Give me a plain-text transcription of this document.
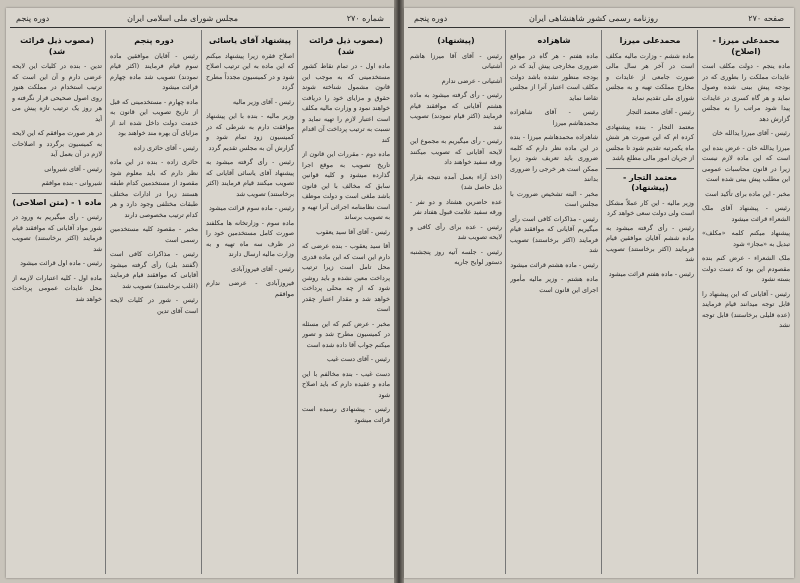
شماره ۲۷۰
مجلس شورای ملی اسلامی ایران
دوره پنجم
(مصوب ذیل قرائت شد)
ماده اول - در تمام نقاط کشور مستخدمینی که به موجب این قانون مشمول شناخته شوند حقوق و مزایای خود را دریافت خواهند نمود و وزارت مالیه مکلف است اعتبار لازم را تهیه نماید و نسبت به ترتیب پرداخت آن اقدام کند
ماده دوم - مقررات این قانون از تاریخ تصویب به موقع اجرا گذارده میشود و کلیه قوانین سابق که مخالف با این قانون باشد ملغی است و دولت موظف است نظامنامه اجرائی آنرا تهیه و به تصویب برساند
رئیس - آقای آقا سید یعقوب
آقا سید یعقوب - بنده عرضی که دارم این است که این ماده قدری محل تامل است زیرا ترتیب پرداخت معین نشده و باید روشن شود که از چه محلی پرداخت خواهد شد و مقدار اعتبار چقدر است
مخبر - عرض کنم که این مسئله در کمیسیون مطرح شد و تصور میکنم جواب آقا داده شده است
رئیس - آقای دست غیب
دست غیب - بنده مخالفم با این ماده و عقیده دارم که باید اصلاح شود
رئیس - پیشنهادی رسیده است قرائت میشود
پیشنهاد آقای یاسائی
اصلاح فقره زیرا پیشنهاد میکنم که این ماده به این ترتیب اصلاح شود و در کمیسیون مجدداً مطرح گردد
رئیس - آقای وزیر مالیه
وزیر مالیه - بنده با این پیشنهاد موافقت دارم به شرطی که در کمیسیون زود تمام شود و گزارش آن به مجلس تقدیم گردد
رئیس - رأی گرفته میشود به پیشنهاد آقای یاسائی آقایانی که تصویب میکنند قیام فرمایند (اکثر برخاستند) تصویب شد
رئیس - ماده سوم قرائت میشود
ماده سوم - وزارتخانه ها مکلفند صورت کامل مستخدمین خود را در ظرف سه ماه تهیه و به وزارت مالیه ارسال دارند
رئیس - آقای فیروزآبادی
فیروزآبادی - عرضی ندارم موافقم
دوره پنجم
رئیس - آقایان موافقین ماده سوم قیام فرمایند (اکثر قیام نمودند) تصویب شد ماده چهارم قرائت میشود
ماده چهارم - مستخدمینی که قبل از تاریخ تصویب این قانون به خدمت دولت داخل شده اند از مزایای آن بهره مند خواهند بود
رئیس - آقای حائری زاده
حائری زاده - بنده در این ماده نظر دارم که باید معلوم شود مقصود از مستخدمین کدام طبقه هستند زیرا در ادارات مختلف طبقات مختلفی وجود دارد و هر کدام ترتیب مخصوصی دارند
مخبر - مقصود کلیه مستخدمین رسمی است
رئیس - مذاکرات کافی است (گفتند بلی) رأی گرفته میشود آقایانی که موافقند قیام فرمایند (اغلب برخاستند) تصویب شد
رئیس - شور در کلیات لایحه است آقای تدین
(مصوب ذیل قرائت شد)
تدین - بنده در کلیات این لایحه عرضی دارم و آن این است که ترتیب استخدام در مملکت هنوز روی اصول صحیحی قرار نگرفته و هر روز یک ترتیب تازه پیش می آید
در هر صورت موافقم که این لایحه به کمیسیون برگردد و اصلاحات لازم در آن بعمل آید
رئیس - آقای شیروانی
شیروانی - بنده موافقم
ماده ۱ - (متن اصلاحی)
رئیس - رأی میگیریم به ورود در شور مواد آقایانی که موافقند قیام فرمایند (اکثر برخاستند) تصویب شد
رئیس - ماده اول قرائت میشود
ماده اول - کلیه اعتبارات لازمه از محل عایدات عمومی پرداخت خواهد شد
صفحه ۲۷۰
روزنامه رسمی کشور شاهنشاهی ایران
دوره پنجم
محمدعلی میرزا - (اصلاح)
ماده ینجم - دولت مکلف است عایدات مملکت را بطوری که در بودجه پیش بینی شده وصول نماید و هر گاه کسری در عایدات پیدا شود مراتب را به مجلس گزارش دهد
رئیس - آقای میرزا یدالله خان
میرزا یدالله خان - عرض بنده این است که این ماده لازم نیست زیرا در قانون محاسبات عمومی این مطلب پیش بینی شده است
مخبر - این ماده برای تأکید است
رئیس - پیشنهاد آقای ملک الشعراء قرائت میشود
پیشنهاد میکنم کلمه «مکلف» تبدیل به «مجاز» شود
ملک الشعراء - عرض کنم بنده مقصودم این بود که دست دولت بسته نشود
رئیس - آقایانی که این پیشنهاد را قابل توجه میدانند قیام فرمایند (عده قلیلی برخاستند) قابل توجه نشد
محمدعلی میرزا
ماده ششم - وزارت مالیه مکلف است در آخر هر سال مالی صورت جامعی از عایدات و مخارج مملکت تهیه و به مجلس شورای ملی تقدیم نماید
رئیس - آقای معتمد التجار
معتمد التجار - بنده پیشنهادی کرده ام که این صورت هر شش ماه یکمرتبه تقدیم شود تا مجلس از جریان امور مالی مطلع باشد
معتمد التجار - (پیشنهاد)
وزیر مالیه - این کار عملاً مشکل است ولی دولت سعی خواهد کرد
رئیس - رأی گرفته میشود به ماده ششم آقایان موافقین قیام فرمایند (اکثر برخاستند) تصویب شد
رئیس - ماده هفتم قرائت میشود
شاهزاده
ماده هفتم - هر گاه در مواقع ضروری مخارجی پیش آید که در بودجه منظور نشده باشد دولت مکلف است اعتبار آنرا از مجلس تقاضا نماید
رئیس - آقای شاهزاده محمدهاشم میرزا
شاهزاده محمدهاشم میرزا - بنده در این ماده نظر دارم که کلمه ضروری باید تعریف شود زیرا ممکن است هر خرجی را ضروری بدانند
مخبر - البته تشخیص ضرورت با مجلس است
رئیس - مذاکرات کافی است رأی میگیریم آقایانی که موافقند قیام فرمایند (اکثر برخاستند) تصویب شد
رئیس - ماده هشتم قرائت میشود
ماده هشتم - وزیر مالیه مأمور اجرای این قانون است
(پیشنهاد)
رئیس - آقای آقا میرزا هاشم آشتیانی
آشتیانی - عرضی ندارم
رئیس - رأی گرفته میشود به ماده هشتم آقایانی که موافقند قیام فرمایند (اکثر قیام نمودند) تصویب شد
رئیس - رأی میگیریم به مجموع این لایحه آقایانی که تصویب میکنند ورقه سفید خواهند داد
(اخذ آراء بعمل آمده نتیجه بقرار ذیل حاصل شد)
عده حاضرین هشتاد و دو نفر - ورقه سفید علامت قبول هفتاد نفر
رئیس - عده برای رأی کافی و لایحه تصویب شد
رئیس - جلسه آتیه روز پنجشنبه دستور لوایح جاریه
